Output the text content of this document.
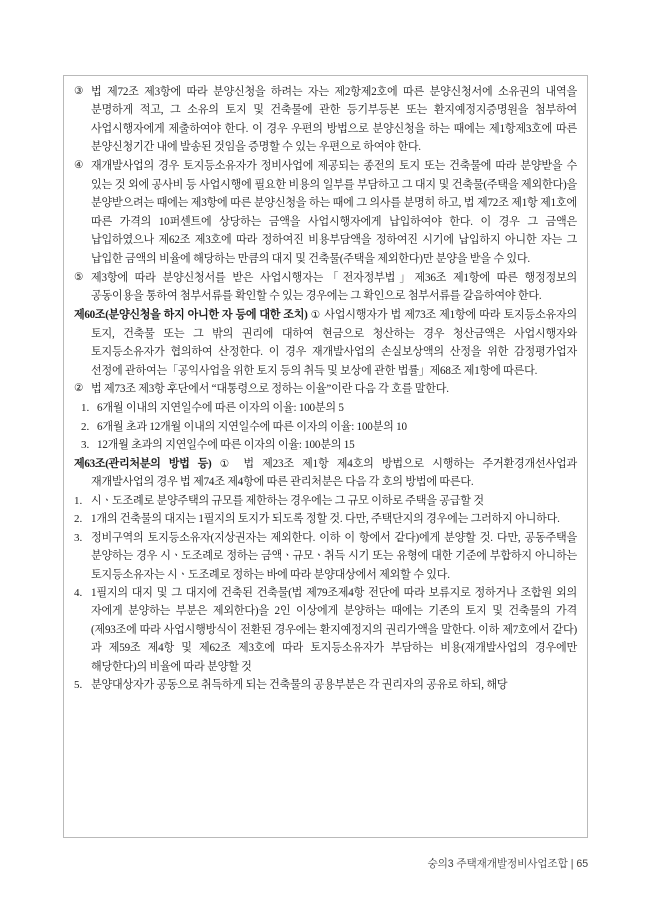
③ 법 제72조 제3항에 따라 분양신청을 하려는 자는 제2항제2호에 따른 분양신청서에 소유권의 내역을 분명하게 적고, 그 소유의 토지 및 건축물에 관한 등기부등본 또는 환지예정지증명원을 첨부하여 사업시행자에게 제출하여야 한다. 이 경우 우편의 방법으로 분양신청을 하는 때에는 제1항제3호에 따른 분양신청기간 내에 발송된 것임을 증명할 수 있는 우편으로 하여야 한다.
④ 재개발사업의 경우 토지등소유자가 정비사업에 제공되는 종전의 토지 또는 건축물에 따라 분양받을 수 있는 것 외에 공사비 등 사업시행에 필요한 비용의 일부를 부담하고 그 대지 및 건축물(주택을 제외한다)을 분양받으려는 때에는 제3항에 따른 분양신청을 하는 때에 그 의사를 분명히 하고, 법 제72조 제1항 제1호에 따른 가격의 10퍼센트에 상당하는 금액을 사업시행자에게 납입하여야 한다. 이 경우 그 금액은 납입하였으나 제62조 제3호에 따라 정하여진 비용부담액을 정하여진 시기에 납입하지 아니한 자는 그 납입한 금액의 비율에 해당하는 만큼의 대지 및 건축물(주택을 제외한다)만 분양을 받을 수 있다.
⑤ 제3항에 따라 분양신청서를 받은 사업시행자는「전자정부법」제36조 제1항에 따른 행정정보의 공동이용을 통하여 첨부서류를 확인할 수 있는 경우에는 그 확인으로 첨부서류를 갈음하여야 한다.

제60조(분양신청을 하지 아니한 자 등에 대한 조치) ① 사업시행자가 법 제73조 제1항에 따라 토지등소유자의 토지, 건축물 또는 그 밖의 권리에 대하여 현금으로 청산하는 경우 청산금액은 사업시행자와 토지등소유자가 협의하여 산정한다. 이 경우 재개발사업의 손실보상액의 산정을 위한 감정평가업자 선정에 관하여는「공익사업을 위한 토지 등의 취득 및 보상에 관한 법률」제68조 제1항에 따른다.

② 법 제73조 제3항 후단에서 “대통령으로 정하는 이율”이란 다음 각 호를 말한다.
1. 6개월 이내의 지연일수에 따른 이자의 이율: 100분의 5
2. 6개월 초과 12개월 이내의 지연일수에 따른 이자의 이율: 100분의 10
3. 12개월 초과의 지연일수에 따른 이자의 이율: 100분의 15

제63조(관리처분의 방법 등) ① 법 제23조 제1항 제4호의 방법으로 시행하는 주거환경개선사업과 재개발사업의 경우 법 제74조 제4항에 따른 관리처분은 다음 각 호의 방법에 따른다.

1. 시ㆍ도조례로 분양주택의 규모를 제한하는 경우에는 그 규모 이하로 주택을 공급할 것
2. 1개의 건축물의 대지는 1필지의 토지가 되도록 정할 것. 다만, 주택단지의 경우에는 그러하지 아니하다.
3. 정비구역의 토지등소유자(지상권자는 제외한다. 이하 이 항에서 같다)에게 분양할 것. 다만, 공동주택을 분양하는 경우 시ㆍ도조례로 정하는 금액ㆍ규모ㆍ취득 시기 또는 유형에 대한 기준에 부합하지 아니하는 토지등소유자는 시ㆍ도조례로 정하는 바에 따라 분양대상에서 제외할 수 있다.
4. 1필지의 대지 및 그 대지에 건축된 건축물(법 제79조제4항 전단에 따라 보류지로 정하거나 조합원 외의 자에게 분양하는 부분은 제외한다)을 2인 이상에게 분양하는 때에는 기존의 토지 및 건축물의 가격(제93조에 따라 사업시행방식이 전환된 경우에는 환지예정지의 권리가액을 말한다. 이하 제7호에서 같다)과 제59조 제4항 및 제62조 제3호에 따라 토지등소유자가 부담하는 비용(재개발사업의 경우에만 해당한다)의 비율에 따라 분양할 것
5. 분양대상자가 공동으로 취득하게 되는 건축물의 공용부분은 각 권리자의 공유로 하되, 해당
숭의3 주택재개발정비사업조합 | 65
